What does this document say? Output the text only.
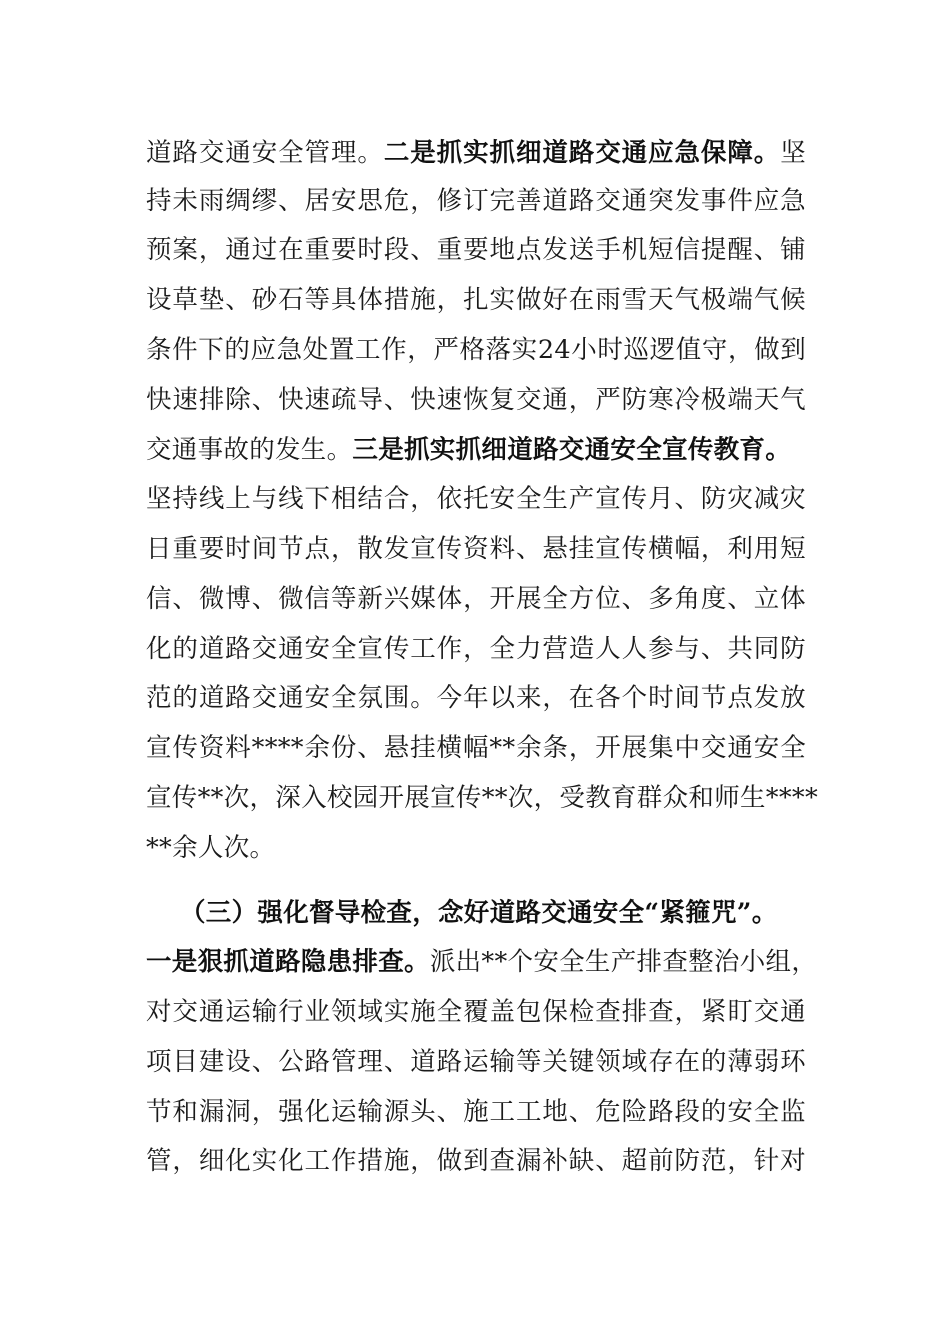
道路交通安全管理。二是抓实抓细道路交通应急保障。坚
持未雨绸缪、居安思危，修订完善道路交通突发事件应急
预案，通过在重要时段、重要地点发送手机短信提醒、铺
设草垫、砂石等具体措施，扎实做好在雨雪天气极端气候
条件下的应急处置工作，严格落实24小时巡逻值守，做到
快速排除、快速疏导、快速恢复交通，严防寒冷极端天气
交通事故的发生。三是抓实抓细道路交通安全宣传教育。
坚持线上与线下相结合，依托安全生产宣传月、防灾减灾
日重要时间节点，散发宣传资料、悬挂宣传横幅，利用短
信、微博、微信等新兴媒体，开展全方位、多角度、立体
化的道路交通安全宣传工作，全力营造人人参与、共同防
范的道路交通安全氛围。今年以来，在各个时间节点发放
宣传资料****余份、悬挂横幅**余条，开展集中交通安全
宣传**次，深入校园开展宣传**次，受教育群众和师生****
**余人次。
（三）强化督导检查，念好道路交通安全“紧箍咒”。
一是狠抓道路隐患排查。派出**个安全生产排查整治小组，
对交通运输行业领域实施全覆盖包保检查排查，紧盯交通
项目建设、公路管理、道路运输等关键领域存在的薄弱环
节和漏洞，强化运输源头、施工工地、危险路段的安全监
管，细化实化工作措施，做到查漏补缺、超前防范，针对
